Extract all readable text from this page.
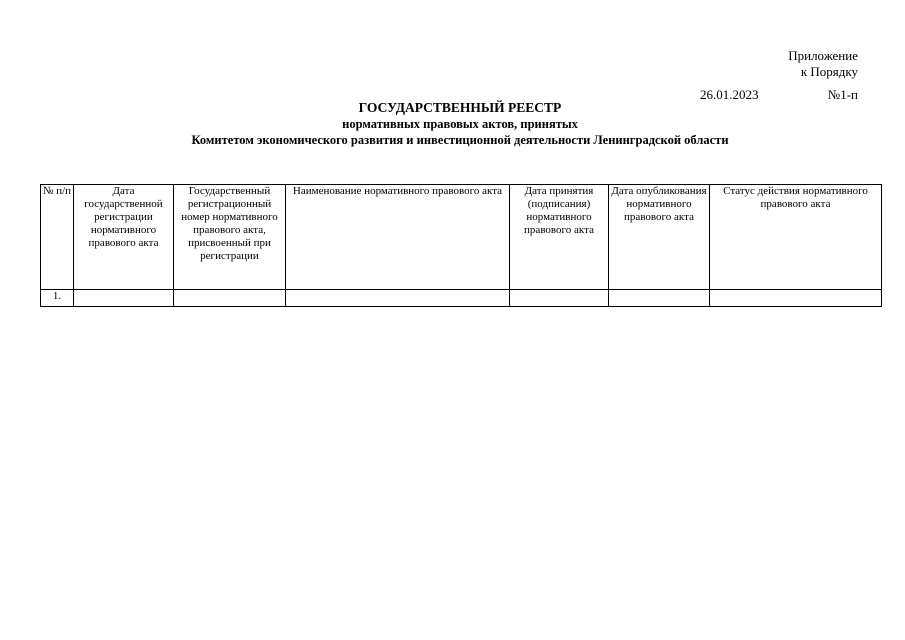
Приложение
к Порядку
26.01.2023	№1-п
ГОСУДАРСТВЕННЫЙ РЕЕСТР
нормативных правовых актов, принятых
Комитетом экономического развития и инвестиционной деятельности Ленинградской области
№ п/п	Дата государственной регистрации нормативного правового акта	Государственный регистрационный номер нормативного правового акта, присвоенный при регистрации	Наименование нормативного правового акта	Дата принятия (подписания) нормативного правового акта	Дата опубликования нормативного правового акта	Статус действия нормативного правового акта
1.						
